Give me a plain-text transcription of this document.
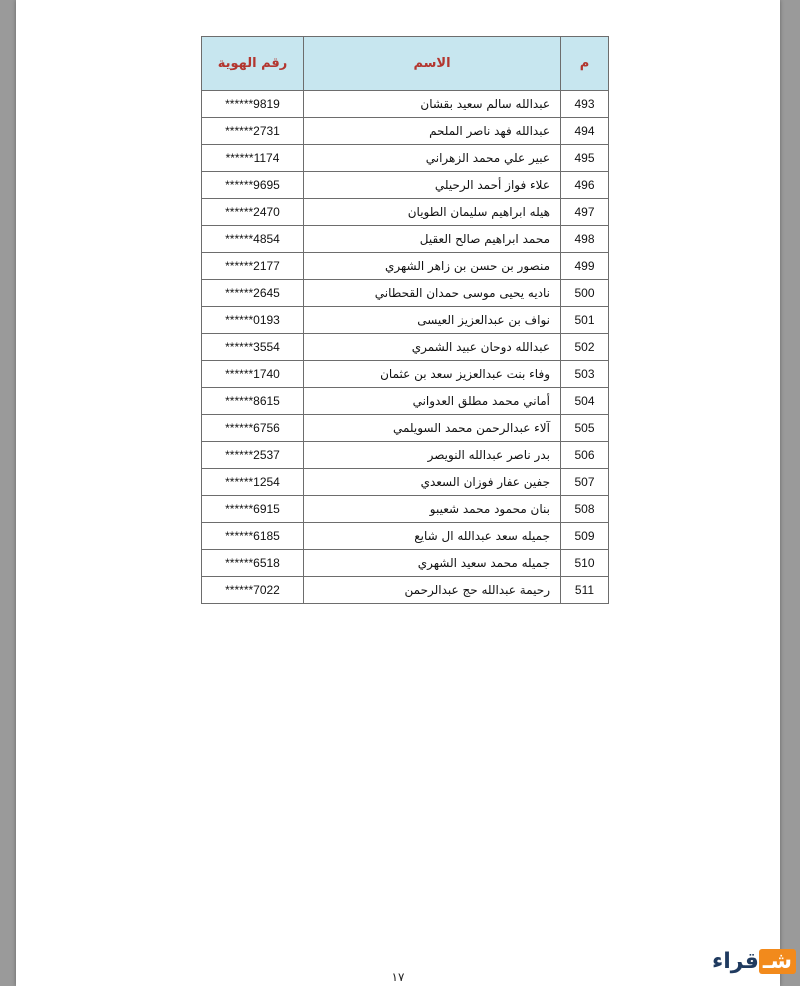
م	الاسم	رقم الهوية
493	عبدالله سالم سعيد بقشان	******9819
494	عبدالله فهد ناصر الملحم	******2731
495	عبير علي محمد الزهراني	******1174
496	علاء فواز أحمد الرحيلي	******9695
497	هيله ابراهيم سليمان الطويان	******2470
498	محمد ابراهيم صالح العقيل	******4854
499	منصور بن حسن بن زاهر الشهري	******2177
500	ناديه يحيى موسى حمدان القحطاني	******2645
501	نواف بن عبدالعزيز العيسى	******0193
502	عبدالله دوحان عبيد الشمري	******3554
503	وفاء بنت عبدالعزيز سعد بن عثمان	******1740
504	أماني محمد مطلق العدواني	******8615
505	آلاء عبدالرحمن محمد السويلمي	******6756
506	بدر ناصر عبدالله النويصر	******2537
507	جفين عفار فوزان السعدي	******1254
508	بنان محمود محمد شعيبو	******6915
509	جميله سعد عبدالله ال شايع	******6185
510	جميله محمد سعيد الشهري	******6518
511	رحيمة عبدالله حج عبدالرحمن	******7022
١٧
شـ
قراء
